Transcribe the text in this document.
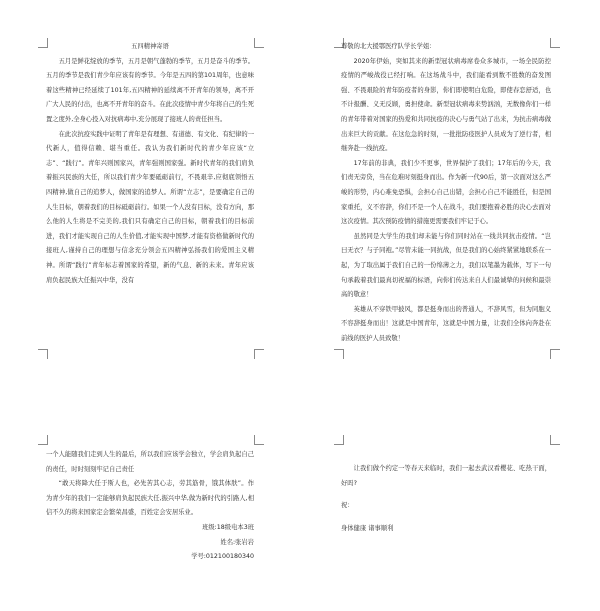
五四精神寄语

五月是鲜花绽放的季节，五月是朝气蓬勃的季节，五月是奋斗的季节。五月的季节是我们青少年应该有的季节。今年是五四的第101周年，也意味着这些精神已经延续了101年,五四精神的延续离不开青年的领导，离不开广大人民的付出，也离不开青年的奋斗。在此次疫情中青少年将自己的生死置之度外,全身心投入对抗病毒中,充分展现了接班人的责任担当。

在此次抗疫实践中证明了青年是有理想、有道德、有文化、有纪律的一代新人，值得信赖、堪当重任。我认为我们新时代的青少年应该“立志”、“践行”。青年兴则国家兴，青年强则国家强。新时代青年的我们肩负着振兴民族的大任，所以我们青少年要砥砺前行，不畏艰辛,应彻底领悟五四精神,做自己的追梦人，做国家的追梦人。所谓“立志”，是要确定自己的人生目标，朝着我们的目标砥砺前行。如果一个人没有目标，没有方向，那么他的人生将是不完美的,我们只有确定自己的目标，朝着我们的目标前进，我们才能实现自己的人生价值,才能实现中国梦,才能有资格做新时代的接班人,谨持自己的理想与信念充分领会五四精神弘扬我们的爱国主义精神。所谓“践行”青年标志着国家的希望，新的气息、新的未来。青年应该肩负起民族大任振兴中华，没有

尊敬的北大援鄂医疗队学长学姐：

2020年伊始，突如其来的新型冠状病毒席卷众多城市，一场全民防控疫情的严峻战役已经打响。在这场战斗中，我们能看到数不胜数的奋发图强、不畏艰险的青年防疫者的身影，你们即使明白危险，即使春恋舒适，也不计报酬、义无反顾，勇担使命。新型冠状病毒来势汹汹，无数像你们一样的青年带着对国家的热爱和共同抗疫的决心与勇气站了出来，为抗击病毒做出来巨大的贡献。在这危急的时刻，一批批防疫医护人员成为了逆行者，相继奔赴一线抗疫。

17年前的非典，我们少不更事，世界保护了我们；17年后的今天，我们责无旁贷，当在危难时刻挺身而出。作为新一代90后，第一次面对这么严峻的形势，内心难免恐惧，会担心自己出错，会担心自己不能胜任，但是国家重托，义不容辞，你们不是一个人在战斗，我们要抱着必胜的决心去面对这次疫情。其次预防疫情的措施更需要我们牢记于心。

虽然同是大学生的我们却未能与你们同时站在一线共同抗击疫情。“岂曰无衣？与子同袍。”尽管未能一同抗战，但是我们的心始终紧紧地联系在一起，为了取出属于我们自己的一份绵薄之力，我们以笔墨为载体，写下一句句承载着我们最真切祝福的标语，向你们传达来自人们最诚挚的问候和最崇高的敬意！

英雄从不穿铁甲披风，都是挺身而出的普通人，不辞风雪，但为同胞义不容辞挺身而出！这就是中国青年，这就是中国力量，让我们全体向奔赴在前线的医护人员致敬！

一个人能随我们走到人生的最后，所以我们应该学会独立，学会肩负起自己的责任，时时刻刻牢记自己责任

“敢天将降大任于斯人也，必先苦其心志，劳其筋骨，饿其体肤”。作为青少年的我们一定能够肩负起民族大任,振兴中华,做为新时代的引路人,相信不久的将来国家定会繁荣昌盛，百姓定会安居乐业。

班级:18级电本3班

姓名:张岩岩

学号:012100180340

让我们做个约定一等春天来临时，我们一起去武汉看樱花、吃热干面，好吗?

祝：

身体健康 诸事顺利
